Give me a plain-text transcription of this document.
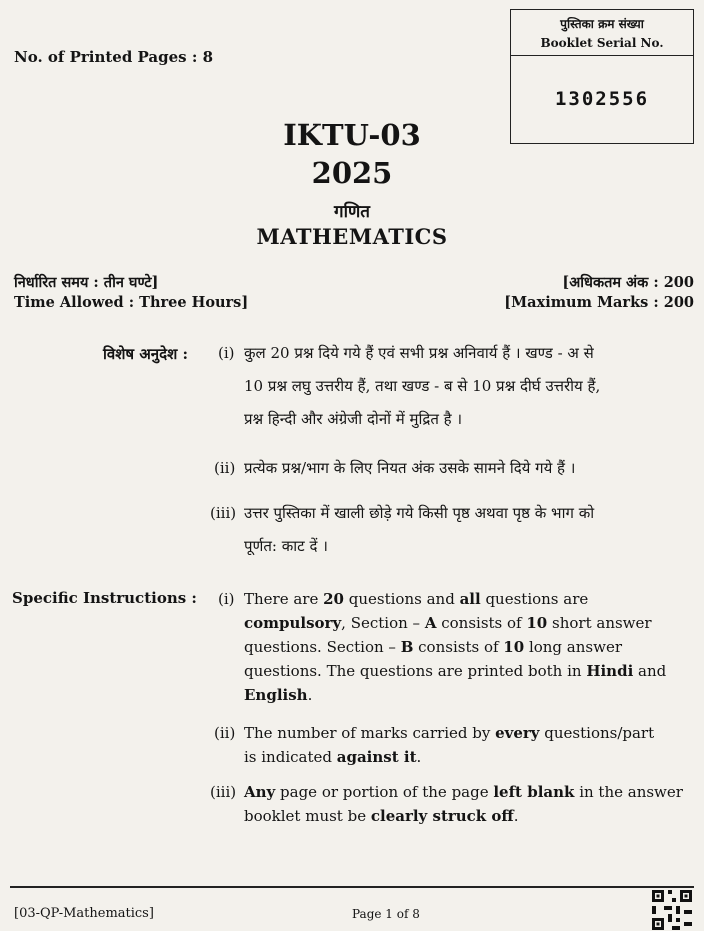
पुस्तिका क्रम संख्या
Booklet Serial No.
1302556
No. of Printed Pages : 8
IKTU-03
2025
गणित
MATHEMATICS
निर्धारित समय : तीन घण्टे]
Time Allowed : Three Hours]
[अधिकतम अंक : 200
[Maximum Marks : 200
विशेष अनुदेश : (i) कुल 20 प्रश्न दिये गये हैं एवं सभी प्रश्न अनिवार्य हैं । खण्ड - अ से
10 प्रश्न लघु उत्तरीय हैं, तथा खण्ड - ब से 10 प्रश्न दीर्घ उत्तरीय हैं,
प्रश्न हिन्दी और अंग्रेजी दोनों में मुद्रित है ।
(ii) प्रत्येक प्रश्न/भाग के लिए नियत अंक उसके सामने दिये गये हैं ।
(iii) उत्तर पुस्तिका में खाली छोड़े गये किसी पृष्ठ अथवा पृष्ठ के भाग को
पूर्णत: काट दें ।
Specific Instructions : (i) There are 20 questions and all questions are
compulsory, Section – A consists of 10 short answer
questions. Section – B consists of 10 long answer
questions. The questions are printed both in Hindi and
English.
(ii) The number of marks carried by every questions/part
is indicated against it.
(iii) Any page or portion of the page left blank in the answer
booklet must be clearly struck off.
[03-QP-Mathematics]	Page 1 of 8
